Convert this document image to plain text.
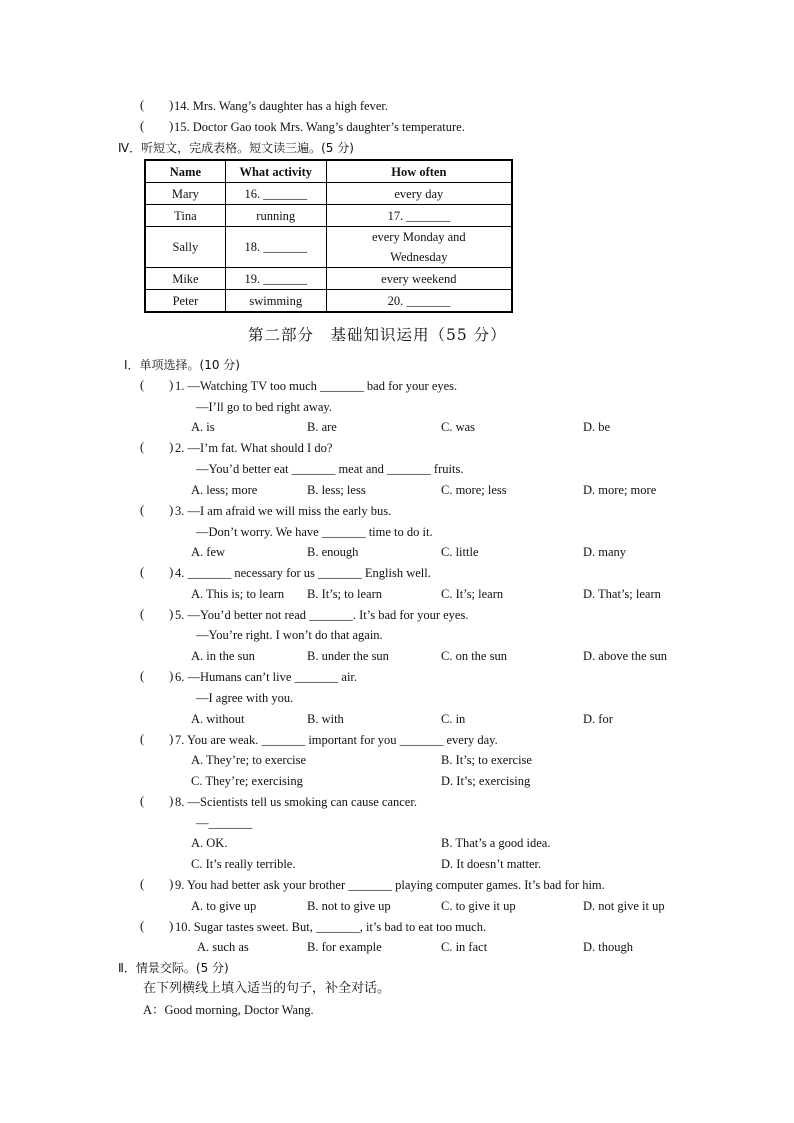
(        ) 14. Mrs. Wang’s daughter has a high fever.
(        ) 15. Doctor Gao took Mrs. Wang’s daughter’s temperature.
Ⅳ．听短文，完成表格。短文读三遍。(5 分)
Name	What activity	How often
Mary	16. _______	every day
Tina	running	17. _______
Sally	18. _______	every Monday and Wednesday
Mike	19. _______	every weekend
Peter	swimming	20. _______
第二部分　基础知识运用（55 分）
Ⅰ．单项选择。(10 分)
(        ) 1. —Watching TV too much _______ bad for your eyes.
—I’ll go to bed right away.
A. is	B. are	C. was	D. be
(        ) 2. —I’m fat. What should I do?
—You’d better eat _______ meat and _______ fruits.
A. less; more	B. less; less	C. more; less	D. more; more
(        ) 3. —I am afraid we will miss the early bus.
—Don’t worry. We have _______ time to do it.
A. few	B. enough	C. little	D. many
(        ) 4. _______ necessary for us _______ English well.
A. This is; to learn B. It’s; to learn	C. It’s; learn	D. That’s; learn
(        ) 5. —You’d better not read _______. It’s bad for your eyes.
—You’re right. I won’t do that again.
A. in the sun	B. under the sun	C. on the sun	D. above the sun
(        ) 6. —Humans can’t live _______ air.
—I agree with you.
A. without	B. with	C. in	D. for
(        ) 7. You are weak. _______ important for you _______ every day.
A. They’re; to exercise	B. It’s; to exercise
C. They’re; exercising	D. It’s; exercising
(        ) 8. —Scientists tell us smoking can cause cancer.
—_______
A. OK.	B. That’s a good idea.
C. It’s really terrible.	D. It doesn’t matter.
(        ) 9. You had better ask your brother _______ playing computer games. It’s bad for him.
A. to give up	B. not to give up	C. to give it up	D. not give it up
(        ) 10. Sugar tastes sweet. But, _______, it’s bad to eat too much.
A. such as	B. for example	C. in fact	D. though
Ⅱ．情景交际。(5 分)
在下列横线上填入适当的句子，补全对话。
A：Good morning, Doctor Wang.
